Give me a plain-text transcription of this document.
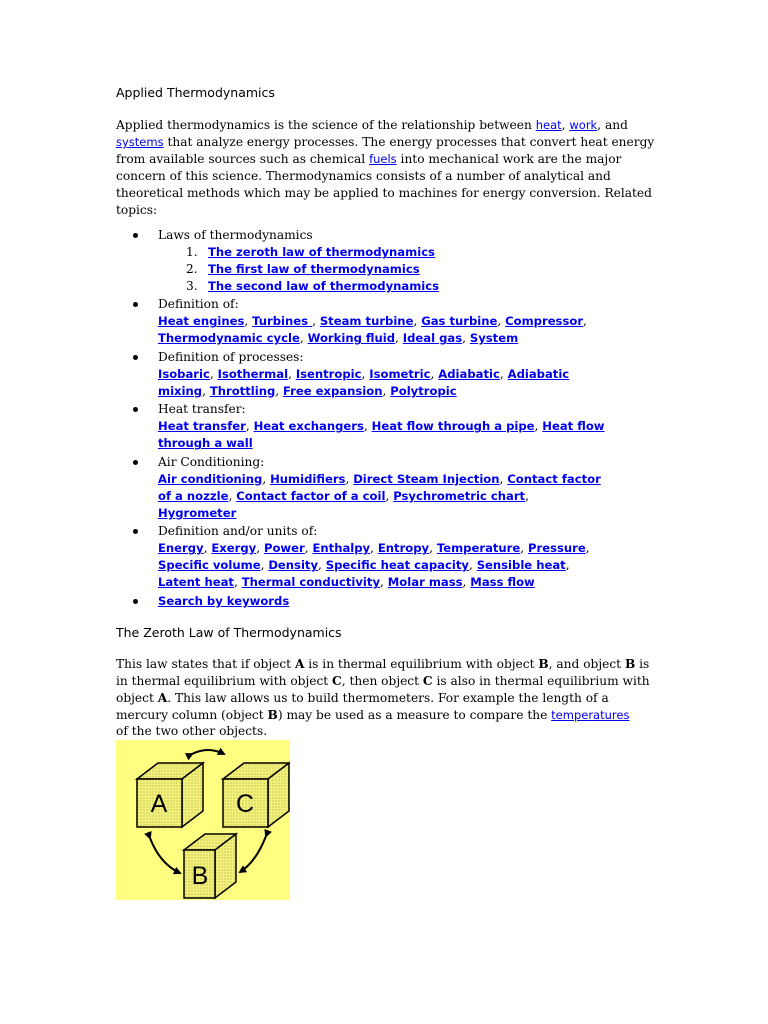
Applied Thermodynamics

Applied thermodynamics is the science of the relationship between heat, work, and
systems that analyze energy processes. The energy processes that convert heat energy from available sources such as chemical fuels into mechanical work are the major concern of this science. Thermodynamics consists of a number of analytical and theoretical methods which may be applied to machines for energy conversion. Related topics:

Laws of thermodynamics
1. The zeroth law of thermodynamics
2. The first law of thermodynamics
3. The second law of thermodynamics
Definition of:
Heat engines, Turbines , Steam turbine, Gas turbine, Compressor,
Thermodynamic cycle, Working fluid, Ideal gas, System
Definition of processes:
Isobaric, Isothermal, Isentropic, Isometric, Adiabatic, Adiabatic
mixing, Throttling, Free expansion, Polytropic
Heat transfer:
Heat transfer, Heat exchangers, Heat flow through a pipe, Heat flow
through a wall
Air Conditioning:
Air conditioning, Humidifiers, Direct Steam Injection, Contact factor
of a nozzle, Contact factor of a coil, Psychrometric chart,
Hygrometer
Definition and/or units of:
Energy, Exergy, Power, Enthalpy, Entropy, Temperature, Pressure,
Specific volume, Density, Specific heat capacity, Sensible heat,
Latent heat, Thermal conductivity, Molar mass, Mass flow
Search by keywords
The Zeroth Law of Thermodynamics

This law states that if object A is in thermal equilibrium with object B, and object B is in thermal equilibrium with object C, then object C is also in thermal equilibrium with object A. This law allows us to build thermometers. For example the length of a mercury column (object B) may be used as a measure to compare the temperatures
of the two other objects.

A	C
B
